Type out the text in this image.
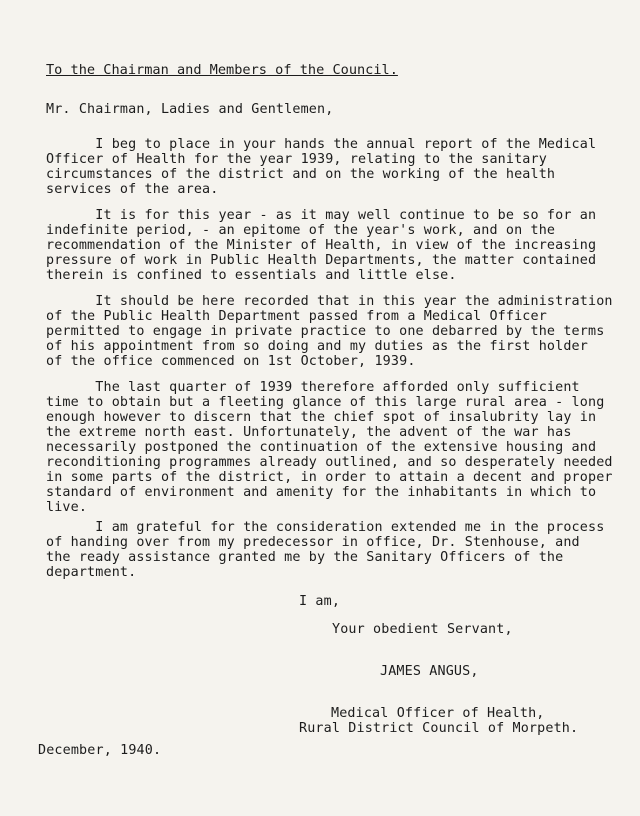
To the Chairman and Members of the Council.
Mr. Chairman, Ladies and Gentlemen,
I beg to place in your hands the annual report of the Medical
Officer of Health for the year 1939, relating to the sanitary
circumstances of the district and on the working of the health
services of the area.
It is for this year - as it may well continue to be so for an
indefinite period, - an epitome of the year's work, and on the
recommendation of the Minister of Health, in view of the increasing
pressure of work in Public Health Departments, the matter contained
therein is confined to essentials and little else.
It should be here recorded that in this year the administration
of the Public Health Department passed from a Medical Officer
permitted to engage in private practice to one debarred by the terms
of his appointment from so doing and my duties as the first holder
of the office commenced on 1st October, 1939.
The last quarter of 1939 therefore afforded only sufficient
time to obtain but a fleeting glance of this large rural area - long
enough however to discern that the chief spot of insalubrity lay in
the extreme north east. Unfortunately, the advent of the war has
necessarily postponed the continuation of the extensive housing and
reconditioning programmes already outlined, and so desperately needed
in some parts of the district, in order to attain a decent and proper
standard of environment and amenity for the inhabitants in which to
live.
I am grateful for the consideration extended me in the process
of handing over from my predecessor in office, Dr. Stenhouse, and
the ready assistance granted me by the Sanitary Officers of the
department.
I am,
Your obedient Servant,
JAMES ANGUS,
Medical Officer of Health,
Rural District Council of Morpeth.
December, 1940.
